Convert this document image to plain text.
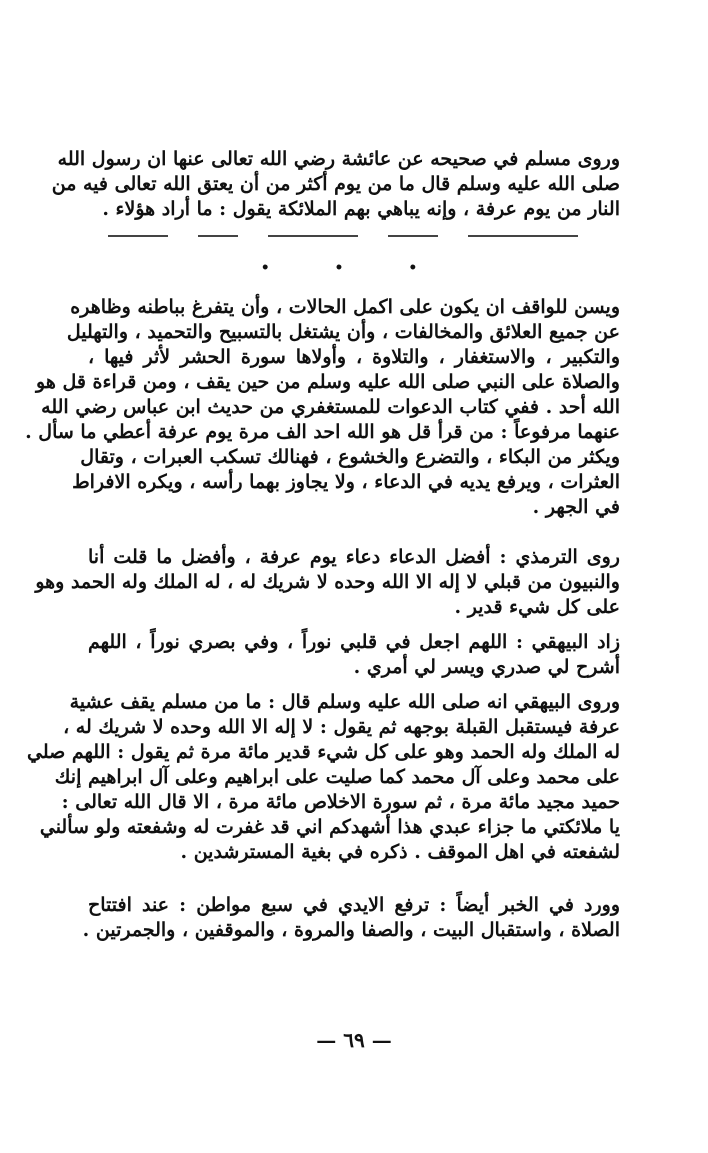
وروى مسلم في صحيحه عن عائشة رضي الله تعالى عنها ان رسول الله
صلى الله عليه وسلم قال ما من يوم أكثر من أن يعتق الله تعالى فيه من
النار من يوم عرفة ، وإنه يباهي بهم الملائكة يقول : ما أراد هؤلاء .
• • •
ويسن للواقف ان يكون على اكمل الحالات ، وأن يتفرغ بباطنه وظاهره
عن جميع العلائق والمخالفات ، وأن يشتغل بالتسبيح والتحميد ، والتهليل
والتكبير ، والاستغفار ، والتلاوة ، وأولاها سورة الحشر لأثر فيها ،
والصلاة على النبي صلى الله عليه وسلم من حين يقف ، ومن قراءة قل هو
الله أحد . ففي كتاب الدعوات للمستغفري من حديث ابن عباس رضي الله
عنهما مرفوعاً : من قرأ قل هو الله احد الف مرة يوم عرفة أعطي ما سأل .
ويكثر من البكاء ، والتضرع والخشوع ، فهنالك تسكب العبرات ، وتقال
العثرات ، ويرفع يديه في الدعاء ، ولا يجاوز بهما رأسه ، ويكره الافراط
في الجهر .
روى الترمذي : أفضل الدعاء دعاء يوم عرفة ، وأفضل ما قلت أنا
والنبيون من قبلي لا إله الا الله وحده لا شريك له ، له الملك وله الحمد وهو
على كل شيء قدير .
زاد البيهقي : اللهم اجعل في قلبي نوراً ، وفي بصري نوراً ، اللهم
أشرح لي صدري ويسر لي أمري .
وروى البيهقي انه صلى الله عليه وسلم قال : ما من مسلم يقف عشية
عرفة فيستقبل القبلة بوجهه ثم يقول : لا إله الا الله وحده لا شريك له ،
له الملك وله الحمد وهو على كل شيء قدير مائة مرة ثم يقول : اللهم صلي
على محمد وعلى آل محمد كما صليت على ابراهيم وعلى آل ابراهيم إنك
حميد مجيد مائة مرة ، ثم سورة الاخلاص مائة مرة ، الا قال الله تعالى :
يا ملائكتي ما جزاء عبدي هذا أشهدكم اني قد غفرت له وشفعته ولو سألني
لشفعته في اهل الموقف . ذكره في بغية المسترشدين .
وورد في الخبر أيضاً : ترفع الايدي في سبع مواطن : عند افتتاح
الصلاة ، واستقبال البيت ، والصفا والمروة ، والموقفين ، والجمرتين .
— ٦٩ —
